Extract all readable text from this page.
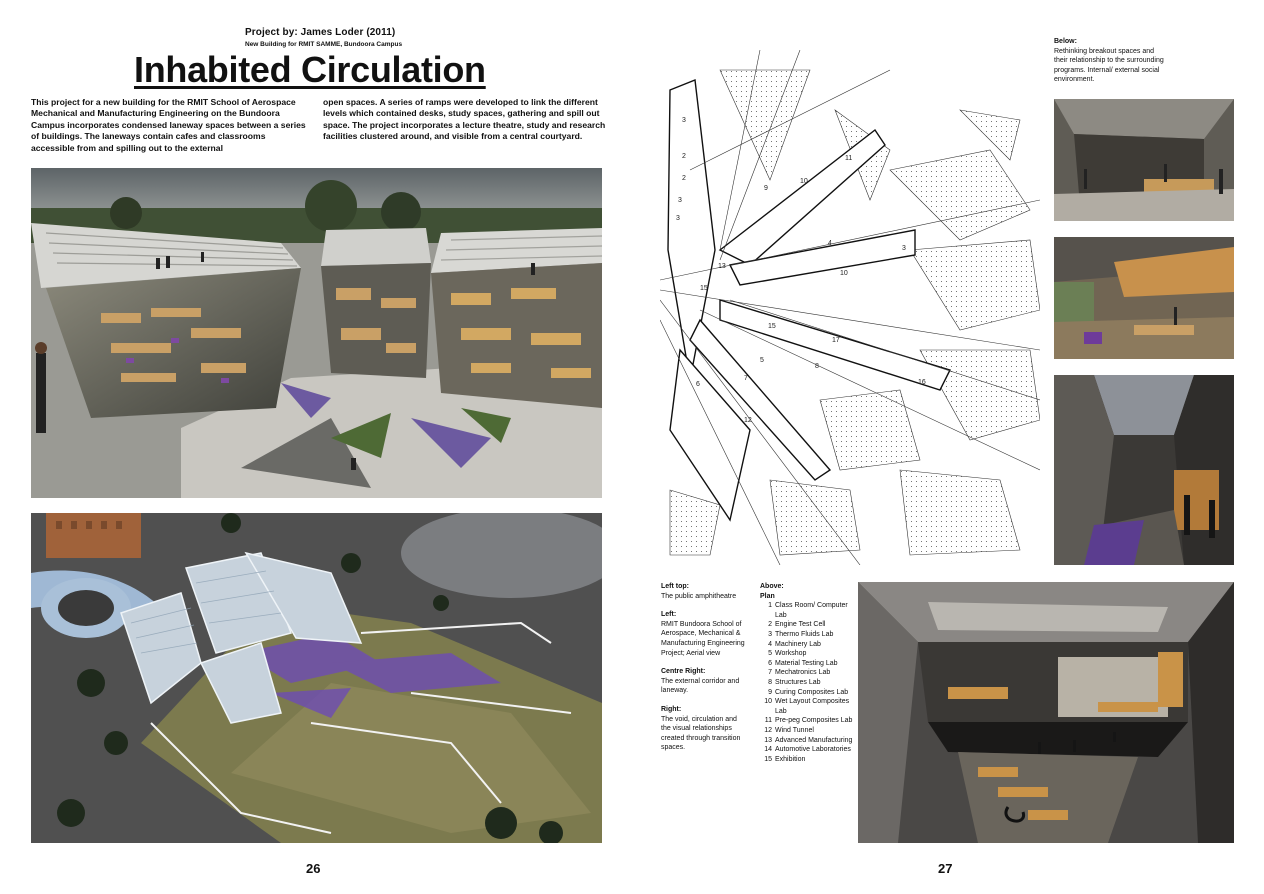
Project by: James Loder (2011)
New Building for RMIT SAMME, Bundoora Campus
Inhabited Circulation

This project for a new building for the RMIT School of Aerospace Mechanical and Manufacturing Engineering on the Bundoora Campus incorporates condensed laneway spaces between a series of buildings. The laneways contain cafes and classrooms accessible from and spilling out to the external

open spaces. A series of ramps were developed to link the different levels which contained desks, study spaces, gathering and spill out space. The project incorporates a lecture theatre, study and research facilities clustered around, and visible from a central courtyard.

26
3
2
2
3
3
9
10
11
4
3
10
13
15
15
17
7
8
6
12
16
5
Below:
Rethinking breakout spaces and their relationship to the surrounding programs. Internal/ external social environment.
Left top:
The public amphitheatre
Left:
RMIT Bundoora School of Aerospace, Mechanical & Manufacturing Engineering Project; Aerial view
Centre Right:
The external corridor and laneway.
Right:
The void, circulation and the visual relationships created through transition spaces.
Above:
Plan
1 Class Room/ Computer Lab
2 Engine Test Cell
3 Thermo Fluids Lab
4 Machinery Lab
5 Workshop
6 Material Testing Lab
7 Mechatronics Lab
8 Structures Lab
9 Curing Composites Lab
10 Wet Layout Composites Lab
11 Pre-peg Composites Lab
12 Wind Tunnel
13 Advanced Manufacturing
14 Automotive Laboratories
15 Exhibition
27
